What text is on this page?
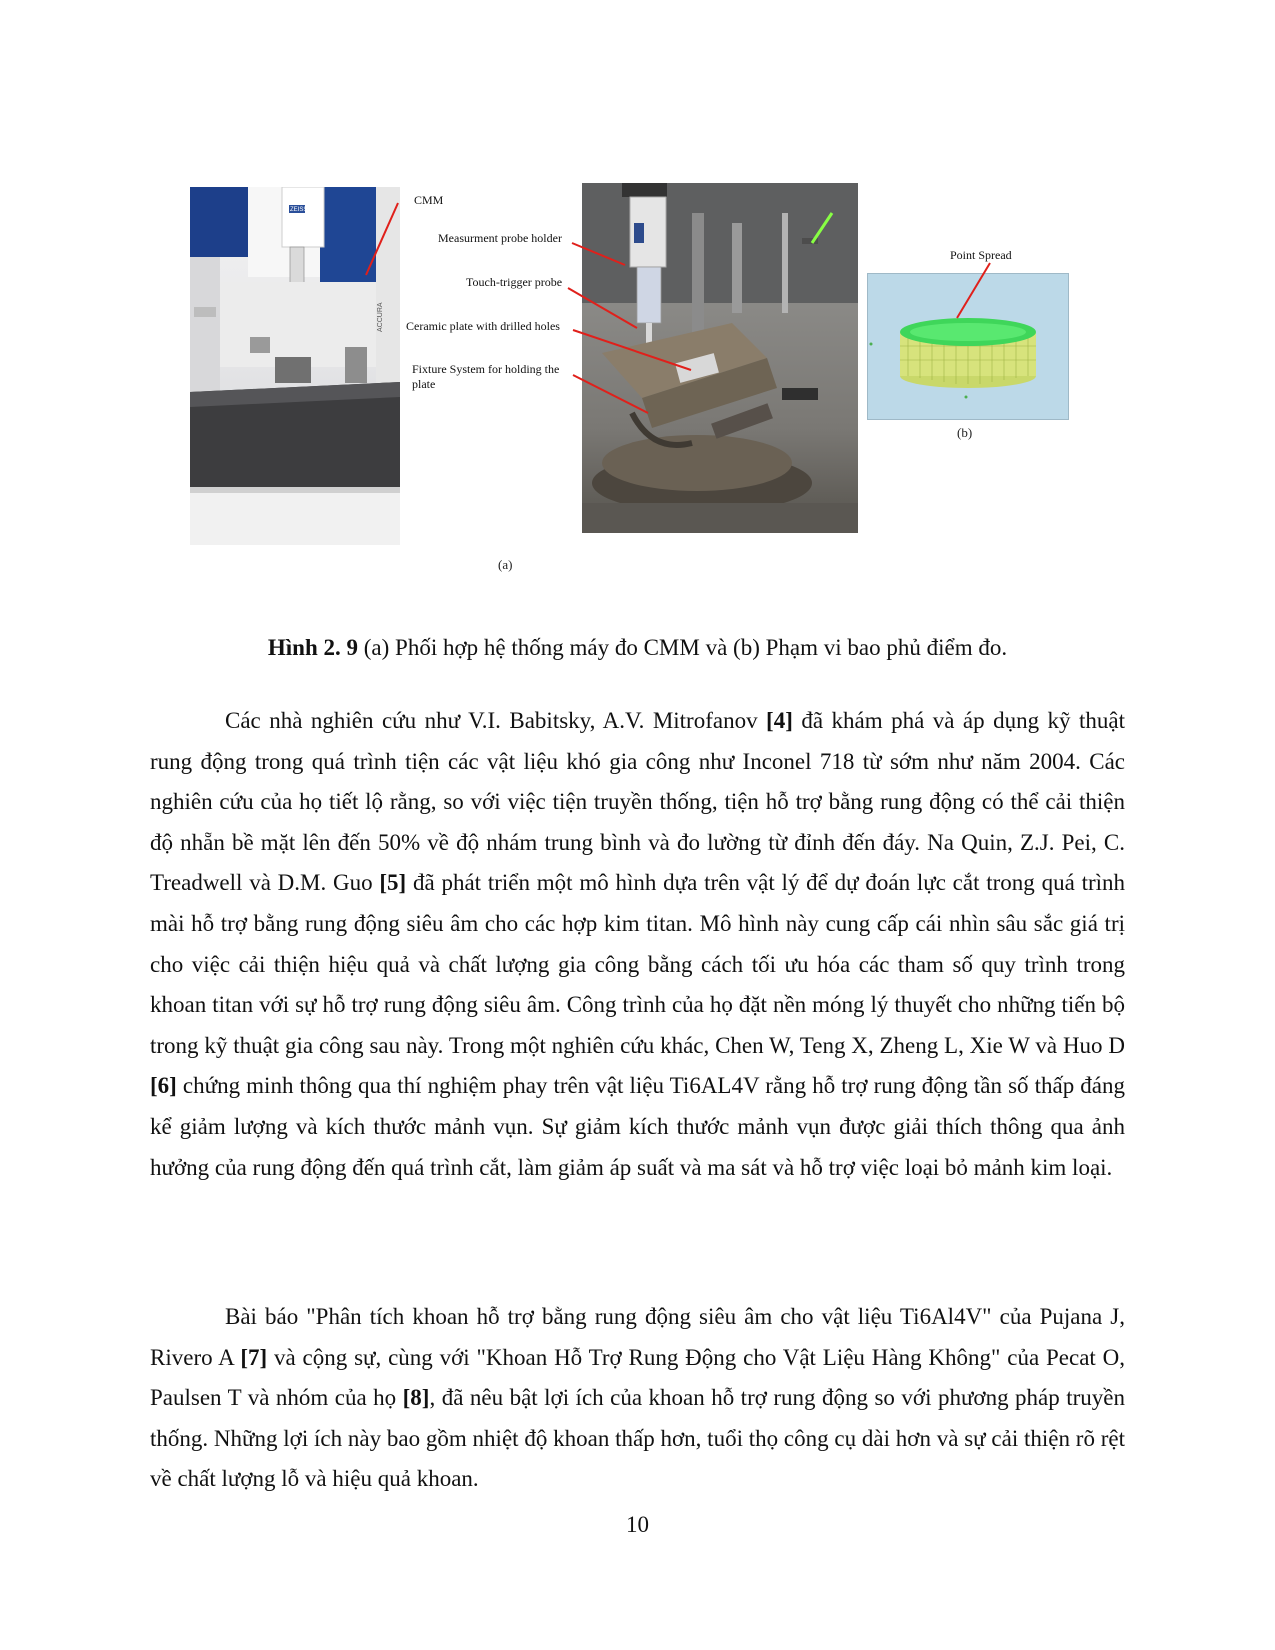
ACCURA
ZEISS
CMM
Measurment probe holder
Touch-trigger probe
Ceramic plate with drilled holes
Fixture System for holding the plate
Point Spread
(a)
(b)
Hình 2. 9 (a) Phối hợp hệ thống máy đo CMM và (b) Phạm vi bao phủ điểm đo.

Các nhà nghiên cứu như V.I. Babitsky, A.V. Mitrofanov [4] đã khám phá và áp dụng kỹ thuật rung động trong quá trình tiện các vật liệu khó gia công như Inconel 718 từ sớm như năm 2004. Các nghiên cứu của họ tiết lộ rằng, so với việc tiện truyền thống, tiện hỗ trợ bằng rung động có thể cải thiện độ nhẵn bề mặt lên đến 50% về độ nhám trung bình và đo lường từ đỉnh đến đáy. Na Quin, Z.J. Pei, C. Treadwell và D.M. Guo [5] đã phát triển một mô hình dựa trên vật lý để dự đoán lực cắt trong quá trình mài hỗ trợ bằng rung động siêu âm cho các hợp kim titan. Mô hình này cung cấp cái nhìn sâu sắc giá trị cho việc cải thiện hiệu quả và chất lượng gia công bằng cách tối ưu hóa các tham số quy trình trong khoan titan với sự hỗ trợ rung động siêu âm. Công trình của họ đặt nền móng lý thuyết cho những tiến bộ trong kỹ thuật gia công sau này. Trong một nghiên cứu khác, Chen W, Teng X, Zheng L, Xie W và Huo D [6] chứng minh thông qua thí nghiệm phay trên vật liệu Ti6AL4V rằng hỗ trợ rung động tần số thấp đáng kể giảm lượng và kích thước mảnh vụn. Sự giảm kích thước mảnh vụn được giải thích thông qua ảnh hưởng của rung động đến quá trình cắt, làm giảm áp suất và ma sát và hỗ trợ việc loại bỏ mảnh kim loại.

Bài báo "Phân tích khoan hỗ trợ bằng rung động siêu âm cho vật liệu Ti6Al4V" của Pujana J, Rivero A [7] và cộng sự, cùng với "Khoan Hỗ Trợ Rung Động cho Vật Liệu Hàng Không" của Pecat O, Paulsen T và nhóm của họ [8], đã nêu bật lợi ích của khoan hỗ trợ rung động so với phương pháp truyền thống. Những lợi ích này bao gồm nhiệt độ khoan thấp hơn, tuổi thọ công cụ dài hơn và sự cải thiện rõ rệt về chất lượng lỗ và hiệu quả khoan.

10
